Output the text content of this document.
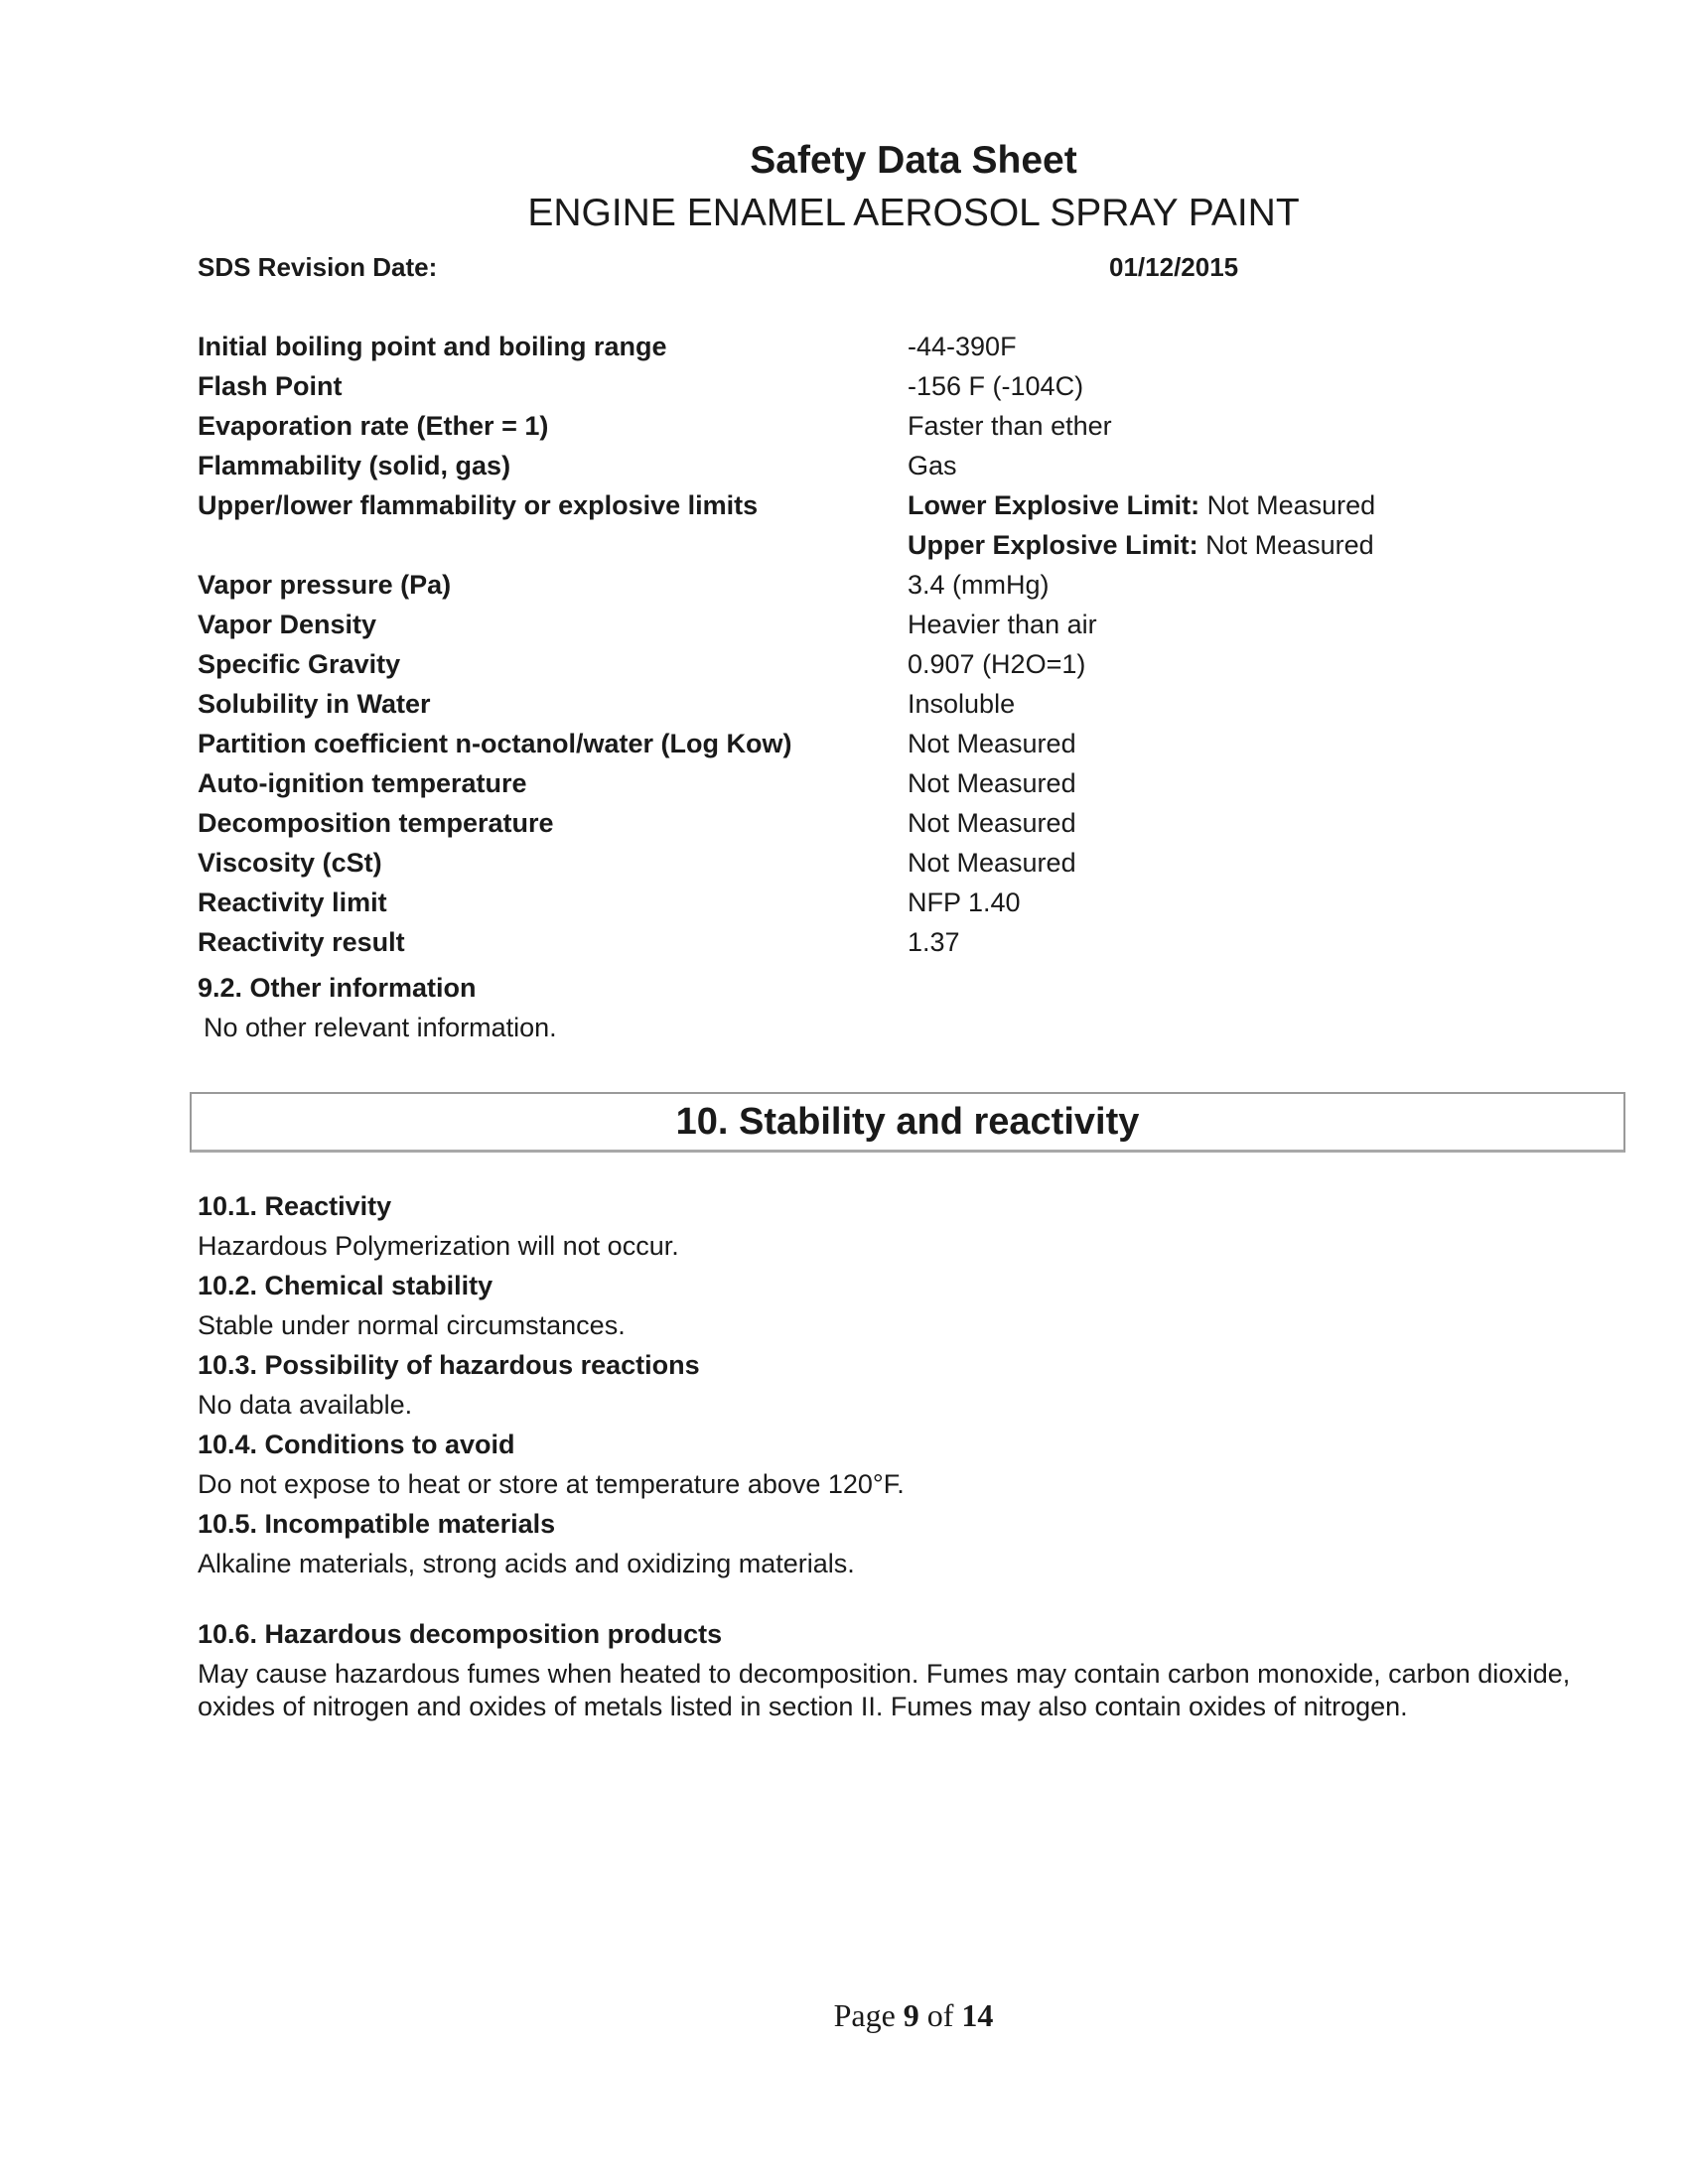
Safety Data Sheet
ENGINE ENAMEL AEROSOL SPRAY PAINT
SDS Revision Date:	01/12/2015
Initial boiling point and boiling range	-44-390F
Flash Point	-156 F (-104C)
Evaporation rate (Ether = 1)	Faster than ether
Flammability (solid, gas)	Gas
Upper/lower flammability or explosive limits	Lower Explosive Limit: Not Measured
Upper Explosive Limit: Not Measured
Vapor pressure (Pa)	3.4 (mmHg)
Vapor Density	Heavier than air
Specific Gravity	0.907 (H2O=1)
Solubility in Water	Insoluble
Partition coefficient n-octanol/water (Log Kow)	Not Measured
Auto-ignition temperature	Not Measured
Decomposition temperature	Not Measured
Viscosity (cSt)	Not Measured
Reactivity limit	NFP 1.40
Reactivity result	1.37
9.2. Other information
No other relevant information.
10. Stability and reactivity
10.1. Reactivity
Hazardous Polymerization will not occur.
10.2. Chemical stability
Stable under normal circumstances.
10.3. Possibility of hazardous reactions
No data available.
10.4. Conditions to avoid
Do not expose to heat or store at temperature above 120°F.
10.5. Incompatible materials
Alkaline materials, strong acids and oxidizing materials.
10.6. Hazardous decomposition products
May cause hazardous fumes when heated to decomposition. Fumes may contain carbon monoxide, carbon dioxide, oxides of nitrogen and oxides of metals listed in section II. Fumes may also contain oxides of nitrogen.
Page 9 of 14
